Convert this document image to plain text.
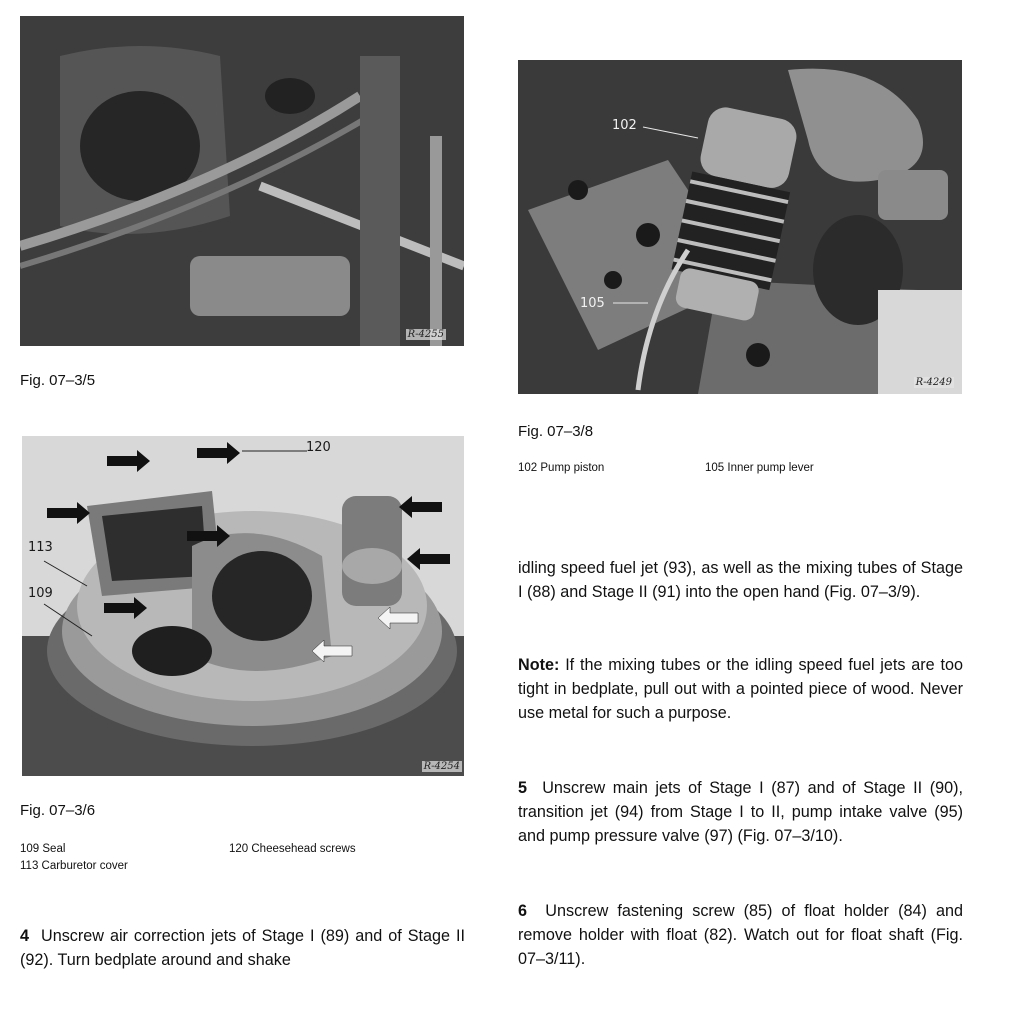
R-4255
Fig. 07–3/5
120
113
109
R-4254
Fig. 07–3/6
109 Seal
113 Carburetor cover
120 Cheesehead screws

4 Unscrew air correction jets of Stage I (89) and of Stage II (92). Turn bedplate around and shake

102
105
R-4249
Fig. 07–3/8
102 Pump piston	105 Inner pump lever

idling speed fuel jet (93), as well as the mixing tubes of Stage I (88) and Stage II (91) into the open hand (Fig. 07–3/9).

Note: If the mixing tubes or the idling speed fuel jets are too tight in bedplate, pull out with a pointed piece of wood. Never use metal for such a purpose.

5 Unscrew main jets of Stage I (87) and of Stage II (90), transition jet (94) from Stage I to II, pump intake valve (95) and pump pressure valve (97) (Fig. 07–3/10).

6 Unscrew fastening screw (85) of float holder (84) and remove holder with float (82). Watch out for float shaft (Fig. 07–3/11).
